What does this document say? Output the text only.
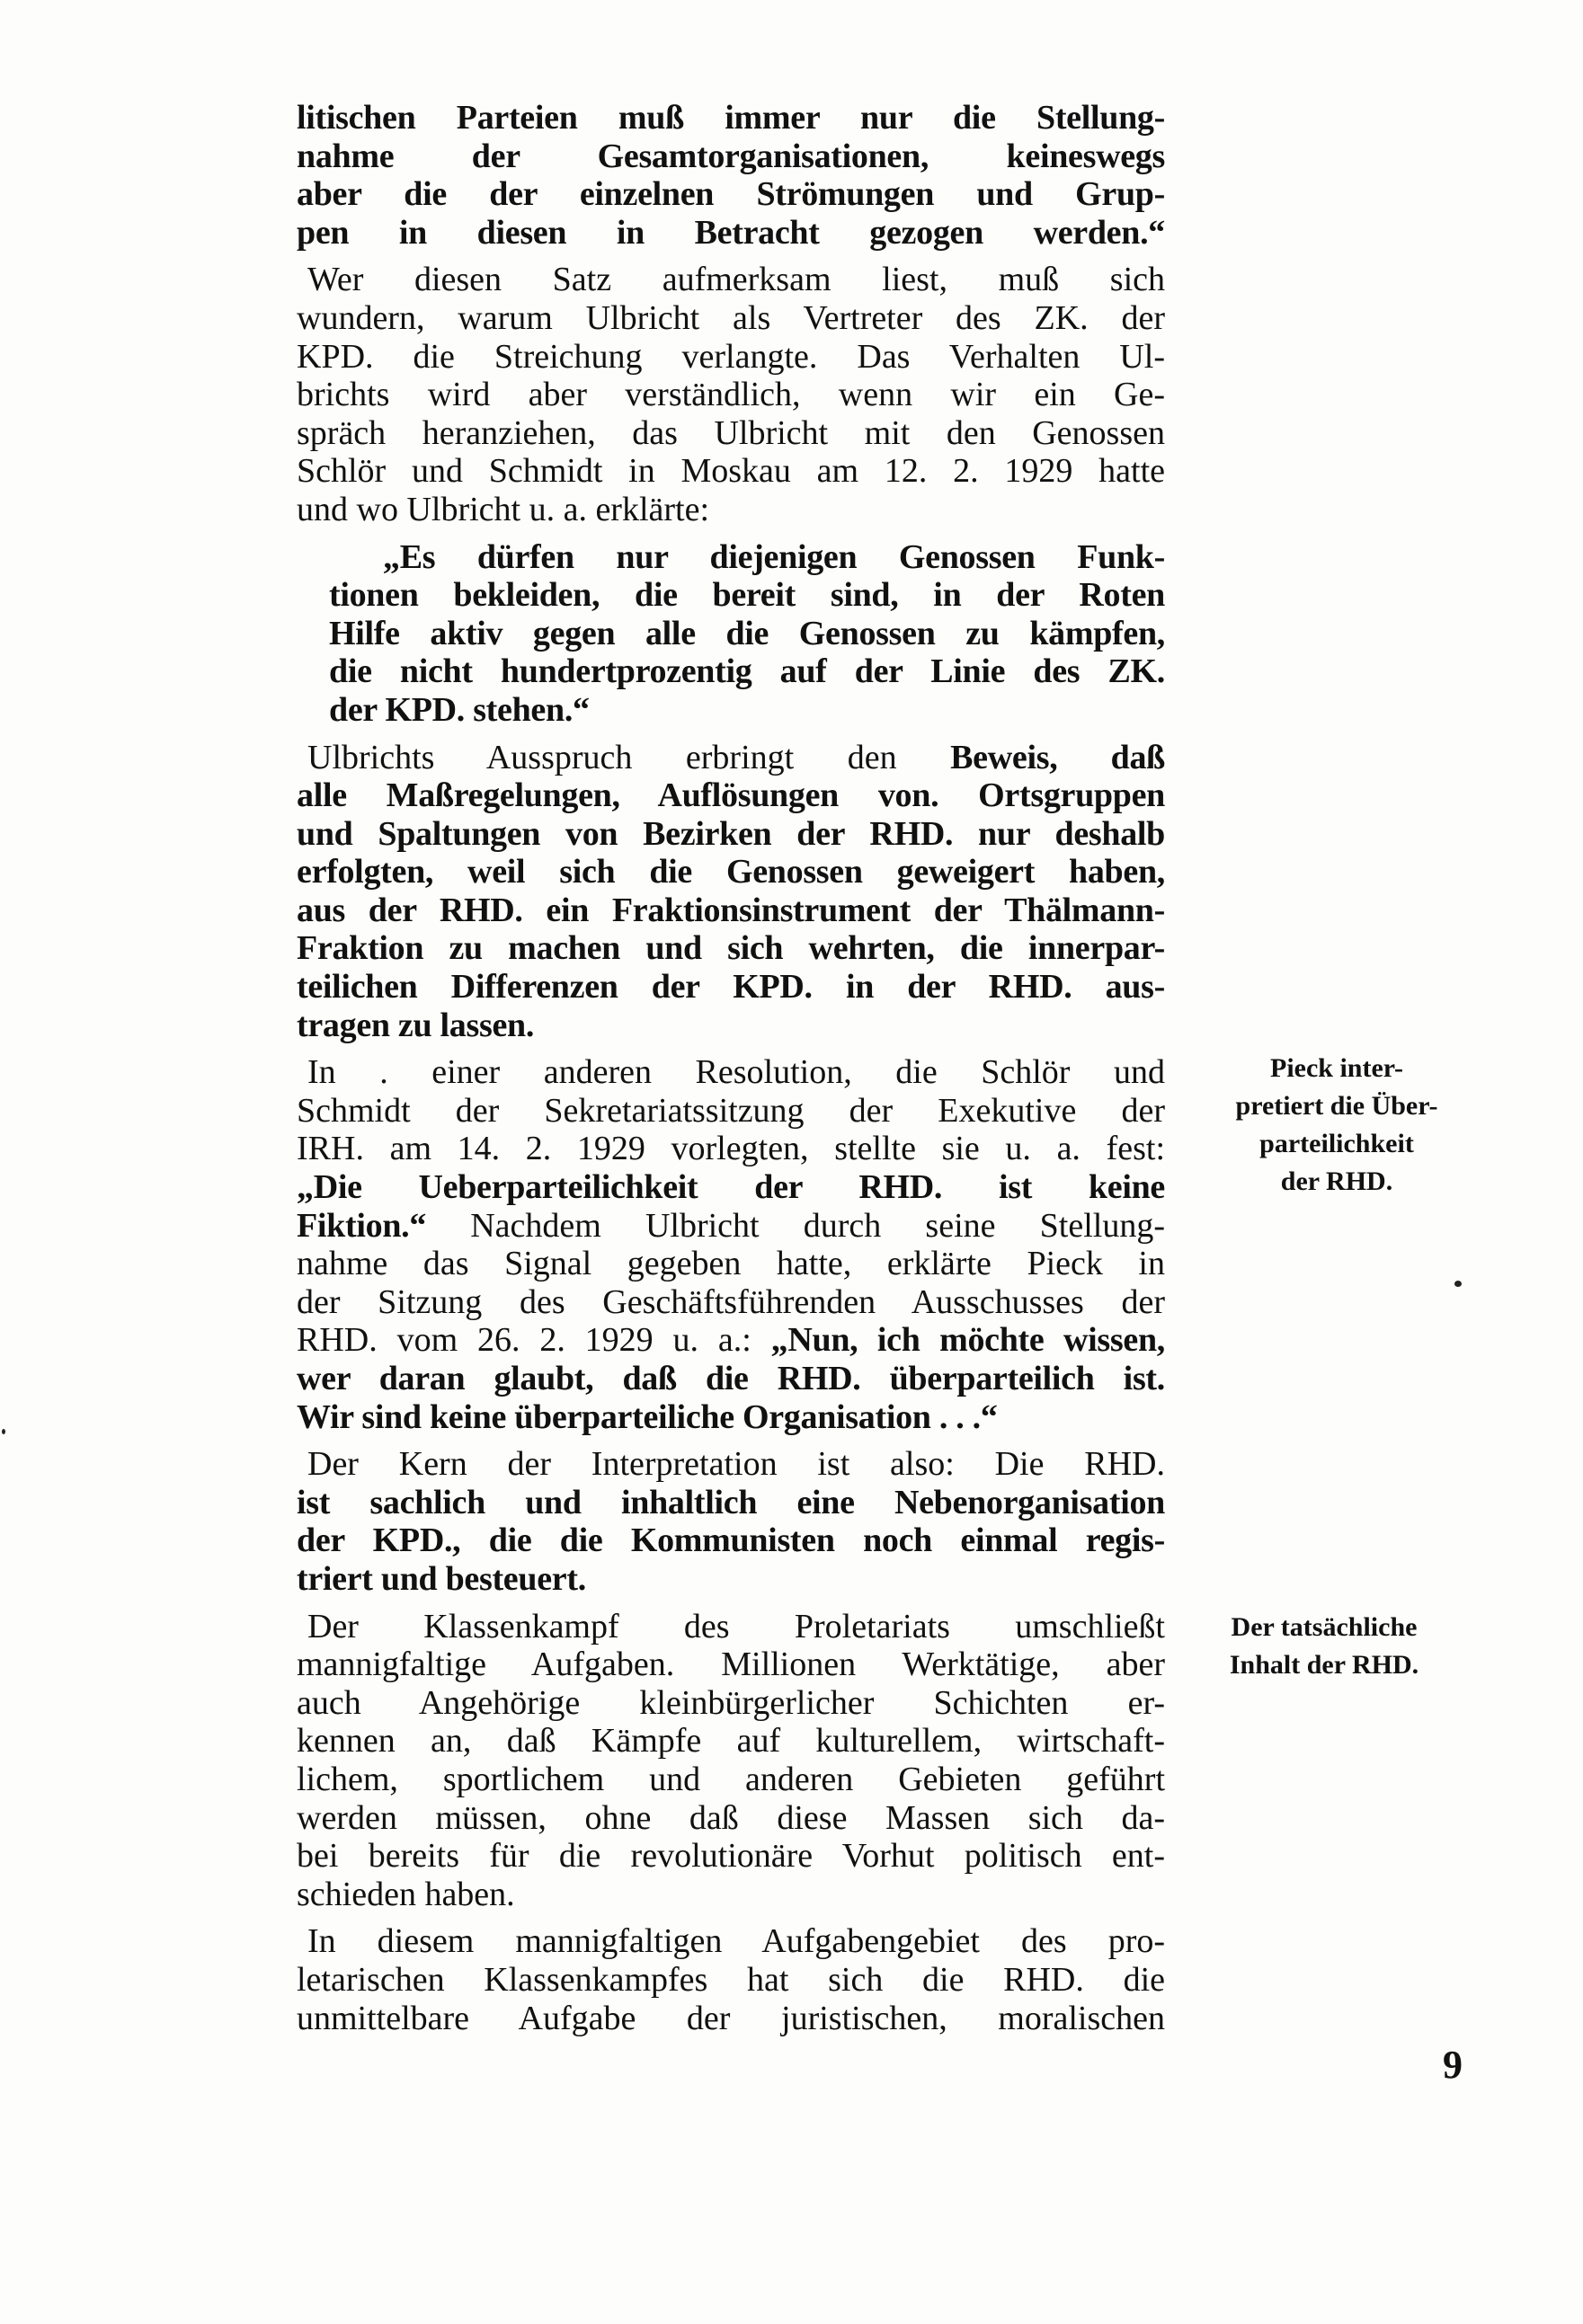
litischen Parteien muß immer nur die Stellung-
nahme der Gesamtorganisationen, keineswegs
aber die der einzelnen Strömungen und Grup-
pen in diesen in Betracht gezogen werden.“
Wer diesen Satz aufmerksam liest, muß sich
wundern, warum Ulbricht als Vertreter des ZK. der
KPD. die Streichung verlangte. Das Verhalten Ul-
brichts wird aber verständlich, wenn wir ein Ge-
spräch heranziehen, das Ulbricht mit den Genossen
Schlör und Schmidt in Moskau am 12. 2. 1929 hatte
und wo Ulbricht u. a. erklärte:
„Es dürfen nur diejenigen Genossen Funk-
tionen bekleiden, die bereit sind, in der Roten
Hilfe aktiv gegen alle die Genossen zu kämpfen,
die nicht hundertprozentig auf der Linie des ZK.
der KPD. stehen.“
Ulbrichts Ausspruch erbringt den Beweis, daß
alle Maßregelungen, Auflösungen von. Ortsgruppen
und Spaltungen von Bezirken der RHD. nur deshalb
erfolgten, weil sich die Genossen geweigert haben,
aus der RHD. ein Fraktionsinstrument der Thälmann-
Fraktion zu machen und sich wehrten, die innerpar-
teilichen Differenzen der KPD. in der RHD. aus-
tragen zu lassen.
In . einer anderen Resolution, die Schlör und
Schmidt der Sekretariatssitzung der Exekutive der
IRH. am 14. 2. 1929 vorlegten, stellte sie u. a. fest:
„Die Ueberparteilichkeit der RHD. ist keine
Fiktion.“ Nachdem Ulbricht durch seine Stellung-
nahme das Signal gegeben hatte, erklärte Pieck in
der Sitzung des Geschäftsführenden Ausschusses der
RHD. vom 26. 2. 1929 u. a.: „Nun, ich möchte wissen,
wer daran glaubt, daß die RHD. überparteilich ist.
Wir sind keine überparteiliche Organisation . . .“
Der Kern der Interpretation ist also: Die RHD.
ist sachlich und inhaltlich eine Nebenorganisation
der KPD., die die Kommunisten noch einmal regis-
triert und besteuert.
Der Klassenkampf des Proletariats umschließt
mannigfaltige Aufgaben. Millionen Werktätige, aber
auch Angehörige kleinbürgerlicher Schichten er-
kennen an, daß Kämpfe auf kulturellem, wirtschaft-
lichem, sportlichem und anderen Gebieten geführt
werden müssen, ohne daß diese Massen sich da-
bei bereits für die revolutionäre Vorhut politisch ent-
schieden haben.
In diesem mannigfaltigen Aufgabengebiet des pro-
letarischen Klassenkampfes hat sich die RHD. die
unmittelbare Aufgabe der juristischen, moralischen
Pieck inter-
pretiert die Über-
parteilichkeit
der RHD.
Der tatsächliche
Inhalt der RHD.
9
